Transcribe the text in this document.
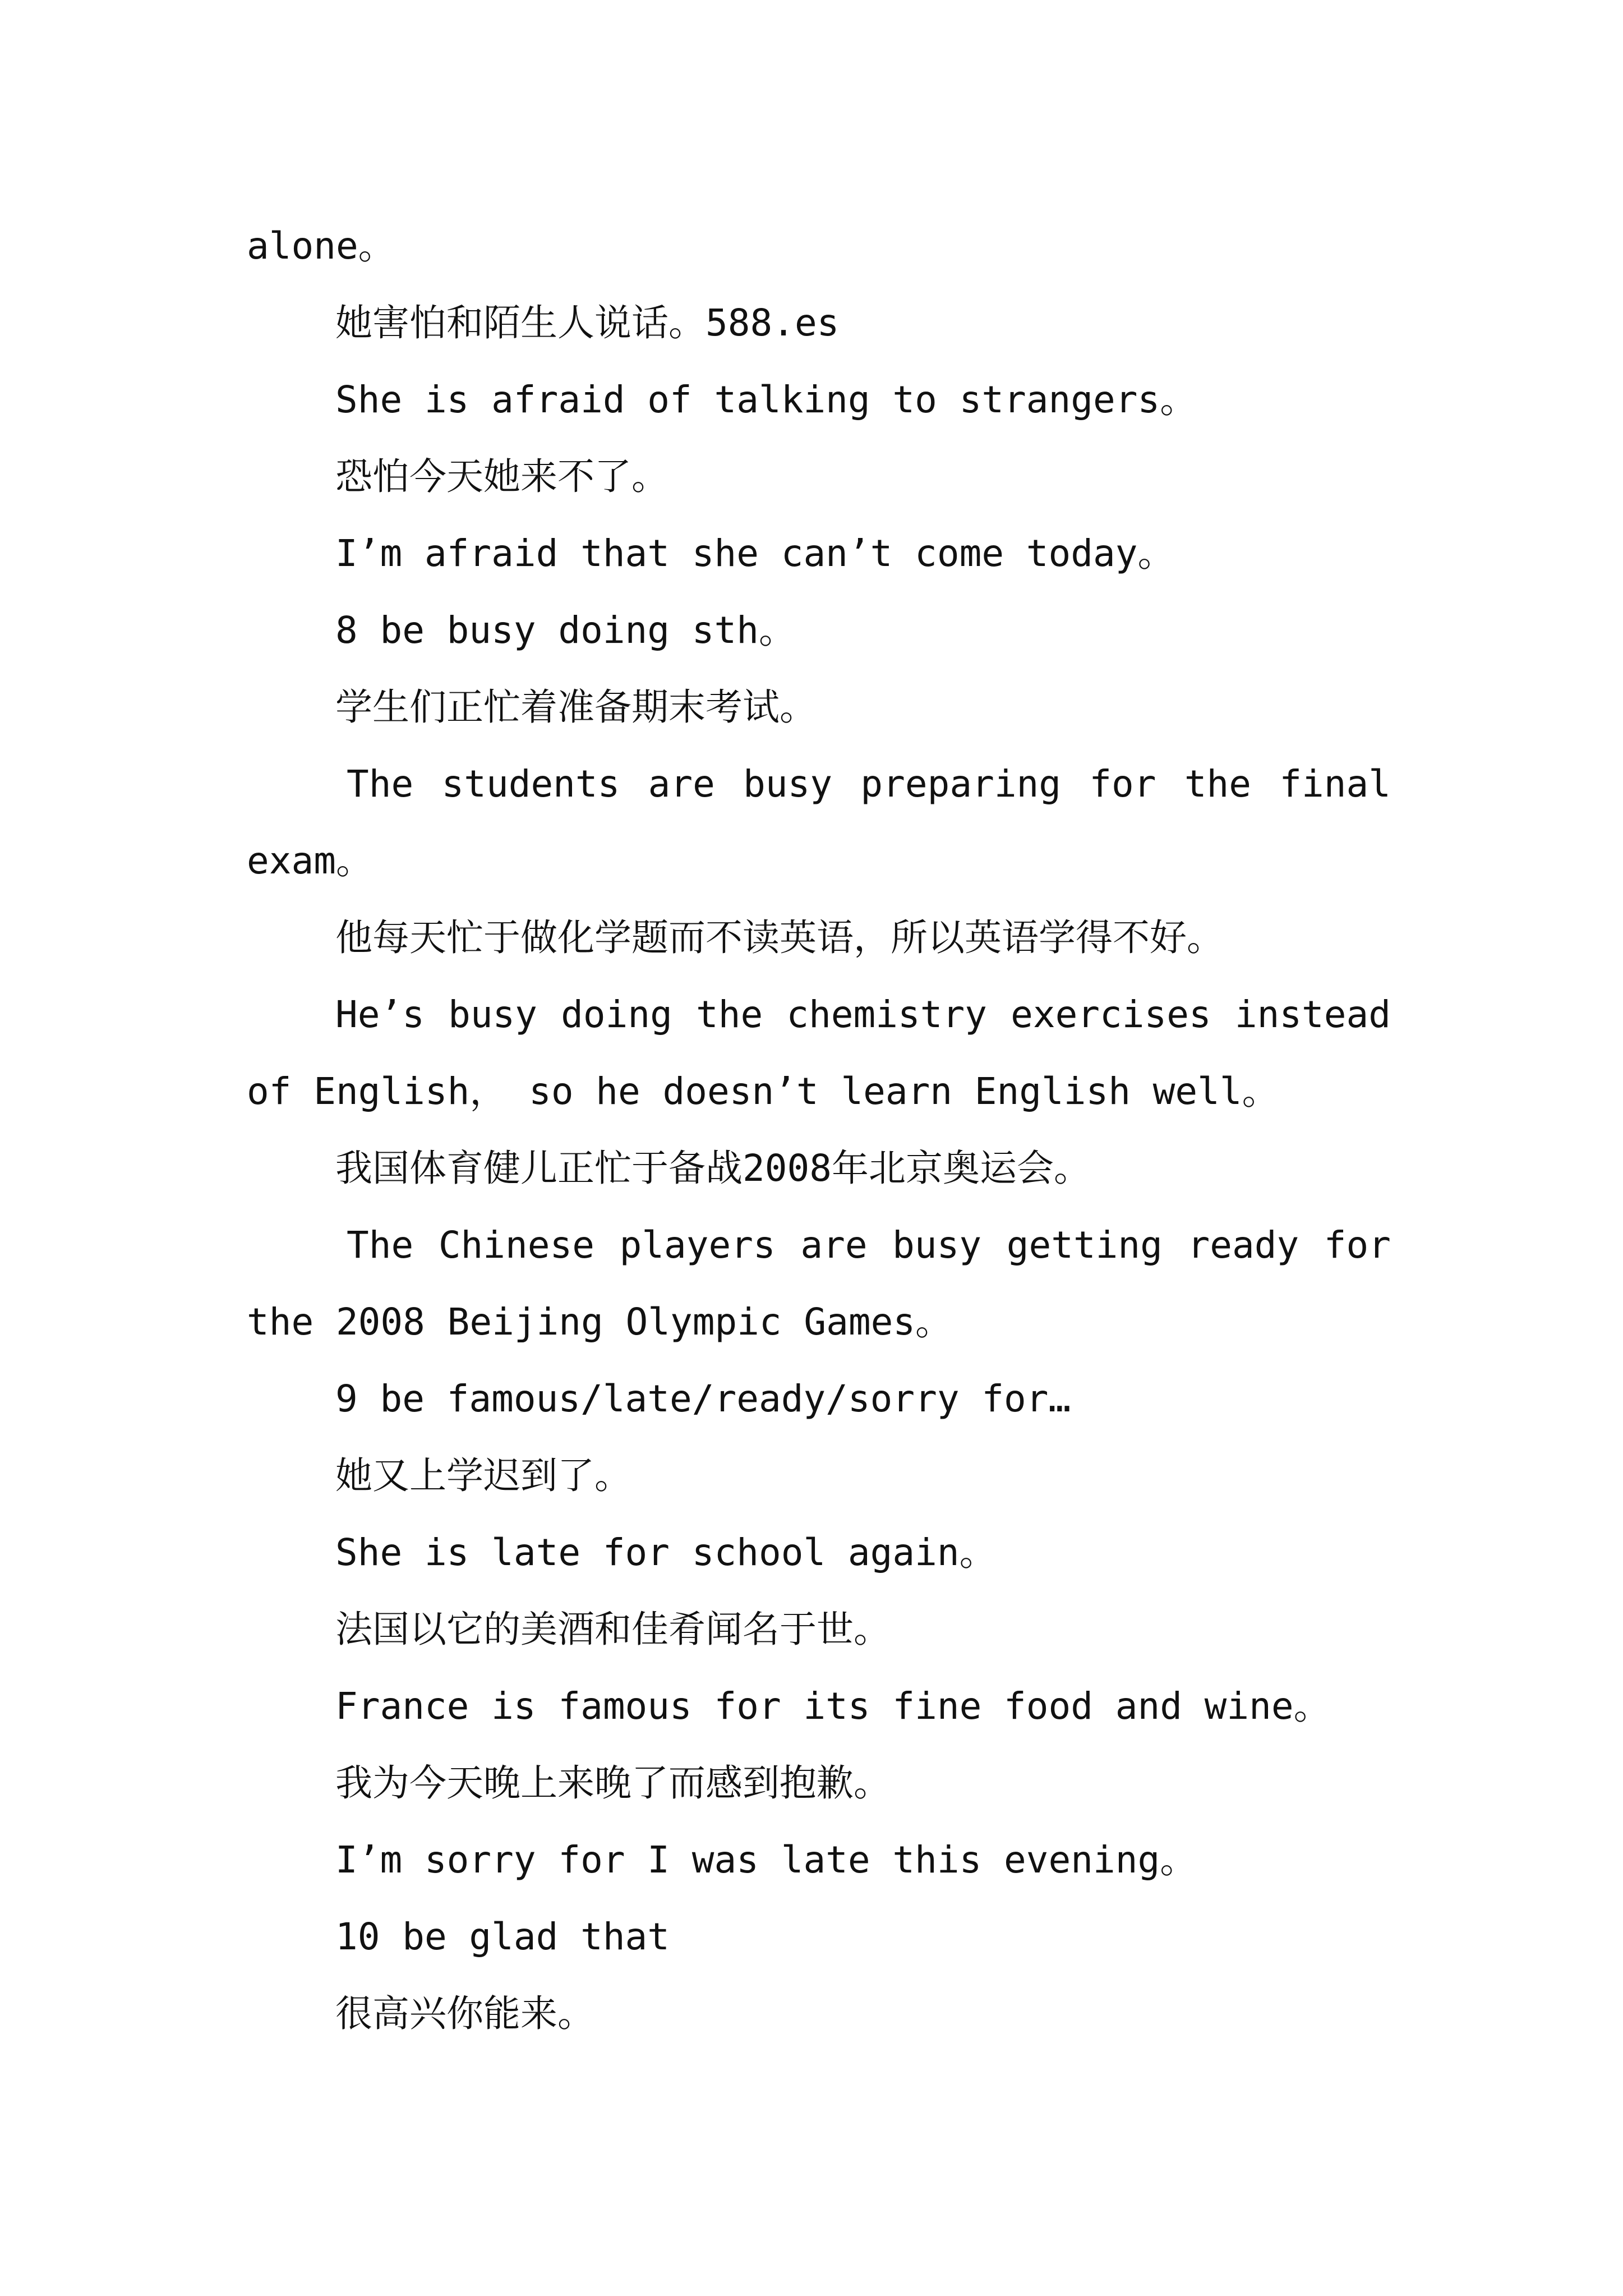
alone。

她害怕和陌生人说话。588.es

She is afraid of talking to strangers。

恐怕今天她来不了。

I’m afraid that she can’t come today。

8 be busy doing sth。

学生们正忙着准备期末考试。

The students are busy preparing for the final

exam。

他每天忙于做化学题而不读英语，所以英语学得不好。

He’s busy doing the chemistry exercises instead

of English， so he doesn’t learn English well。

我国体育健儿正忙于备战2008年北京奥运会。

The Chinese players are busy getting ready for

the 2008 Beijing Olympic Games。

9 be famous/late/ready/sorry for…

她又上学迟到了。

She is late for school again。

法国以它的美酒和佳肴闻名于世。

France is famous for its fine food and wine。

我为今天晚上来晚了而感到抱歉。

I’m sorry for I was late this evening。

10 be glad that

很高兴你能来。
